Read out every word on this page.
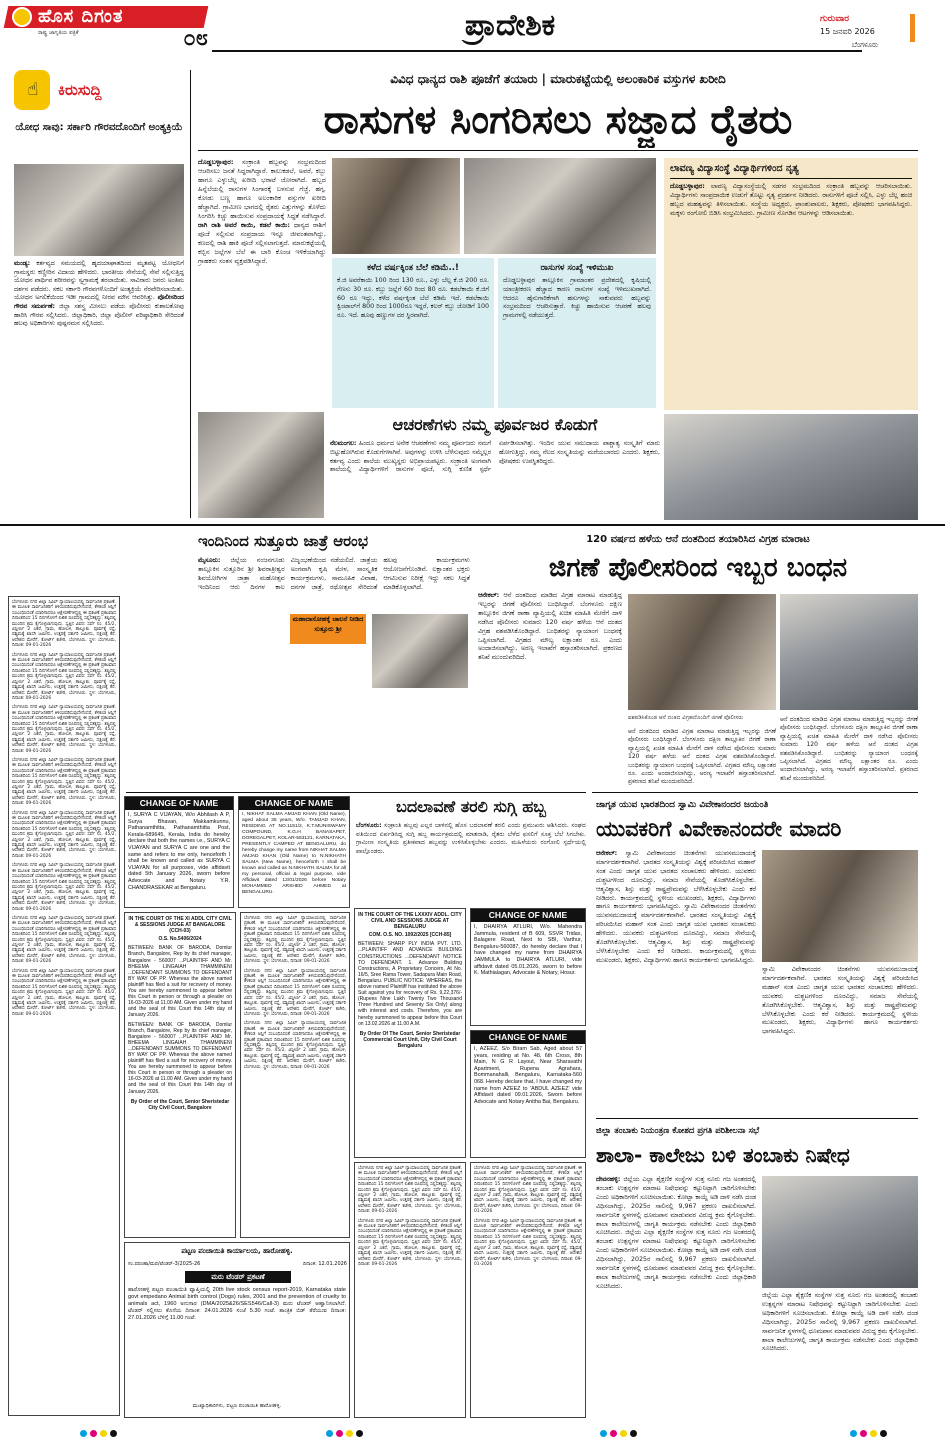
ಹೊಸ ದಿಗಂತ
ರಾಷ್ಟ್ರ ಜಾಗೃತಿಯ ಪತ್ರಿಕೆ	೦೮	ಪ್ರಾದೇಶಿಕ	ಗುರುವಾರ
15 ಜನವರಿ 2026
ಬೆಂಗಳೂರು
☝	ಕಿರುಸುದ್ದಿ
ಯೋಧ ಸಾವು: ಸರ್ಕಾರಿ ಗೌರವದೊಂದಿಗೆ ಅಂತ್ಯಕ್ರಿಯೆ
ಮಂಡ್ಯ: ಕರ್ತವ್ಯದ ಸಮಯದಲ್ಲಿ ಹೃದಯಾಘಾತದಿಂದ ಮೃತಪಟ್ಟ ಯೋಧನಿಗೆ ಗ್ರಾಮಸ್ಥರು ಕಣ್ಣೀರಿನ ವಿದಾಯ ಹೇಳಿದರು. ಭಾರತೀಯ ಸೇನೆಯಲ್ಲಿ ಸೇವೆ ಸಲ್ಲಿಸುತ್ತಿದ್ದ ಯೋಧನ ಪಾರ್ಥಿವ ಶರೀರವನ್ನು ಸ್ವಗ್ರಾಮಕ್ಕೆ ತರಲಾಯಿತು. ಸಾವಿರಾರು ಜನರು ಅಂತಿಮ ದರ್ಶನ ಪಡೆದರು. ಸಕಲ ಸರ್ಕಾರಿ ಗೌರವಗಳೊಂದಿಗೆ ಅಂತ್ಯಕ್ರಿಯೆ ನೆರವೇರಿಸಲಾಯಿತು. ಯೋಧನ ಅಗಲಿಕೆಯಿಂದ ಇಡೀ ಗ್ರಾಮದಲ್ಲಿ ನೀರವ ಮೌನ ಆವರಿಸಿತ್ತು. ಪೊಲೀಸರಿಂದ ಗೌರವ ಸಮರ್ಪಣೆ: ಜಿಲ್ಲಾ ಸಶಸ್ತ್ರ ಮೀಸಲು ಪಡೆಯ ಪೊಲೀಸರು ಕುಶಾಲತೋಪು ಹಾರಿಸಿ ಗೌರವ ಸಲ್ಲಿಸಿದರು. ಜಿಲ್ಲಾಧಿಕಾರಿ, ಜಿಲ್ಲಾ ಪೊಲೀಸ್ ವರಿಷ್ಠಾಧಿಕಾರಿ ಸೇರಿದಂತೆ ಹಲವು ಅಧಿಕಾರಿಗಳು ಪುಷ್ಪನಮನ ಸಲ್ಲಿಸಿದರು.
ವಿವಿಧ ಧಾನ್ಯದ ರಾಶಿ ಪೂಜೆಗೆ ತಯಾರು | ಮಾರುಕಟ್ಟೆಯಲ್ಲಿ ಅಲಂಕಾರಿಕ ವಸ್ತುಗಳ ಖರೀದಿ
ರಾಸುಗಳ ಸಿಂಗರಿಸಲು ಸಜ್ಜಾದ ರೈತರು
ದೊಡ್ಡಬಳ್ಳಾಪುರ: ಸಂಕ್ರಾಂತಿ ಹಬ್ಬವನ್ನು ಸಂಭ್ರಮದಿಂದ ಆಚರಿಸಲು ಜನತೆ ಸಿದ್ದರಾಗಿದ್ದಾರೆ. ಕಾಲುಕಡಲೆ, ಅವರೆ, ಕಬ್ಬು ಹಾಗೂ ಎಳ್ಳುಬೆಲ್ಲ ಖರೀದಿ ಭರಾಟೆ ಜೋರಾಗಿದೆ. ಹಬ್ಬದ ಹಿನ್ನೆಲೆಯಲ್ಲಿ ರಾಸುಗಳ ಸಿಂಗಾರಕ್ಕೆ ಬಳಸುವ ಗೆಜ್ಜೆ, ಹಗ್ಗ, ಕೋಡು ಬಣ್ಣ ಹಾಗೂ ಅಲಂಕಾರಿಕ ವಸ್ತುಗಳ ಖರೀದಿ ಹೆಚ್ಚಾಗಿದೆ. ಗ್ರಾಮೀಣ ಭಾಗದಲ್ಲಿ ರೈತರು ಎತ್ತುಗಳನ್ನು ತೊಳೆದು ಸಿಂಗರಿಸಿ ಕಿಚ್ಚು ಹಾಯಿಸುವ ಸಂಪ್ರದಾಯಕ್ಕೆ ಸಿದ್ಧತೆ ನಡೆಸಿದ್ದಾರೆ. ರಾಗಿ ರಾಶಿ ಅವರೆ ಕಾಯಿ, ಕಡಲೆ ಕಾಯಿ: ಧಾನ್ಯದ ರಾಶಿಗೆ ಪೂಜೆ ಸಲ್ಲಿಸುವ ಸಂಪ್ರದಾಯ ಇನ್ನೂ ಜೀವಂತವಾಗಿದ್ದು, ಕಣದಲ್ಲಿ ರಾಶಿ ಹಾಕಿ ಪೂಜೆ ಸಲ್ಲಿಸಲಾಗುತ್ತದೆ. ಮಾರುಕಟ್ಟೆಯಲ್ಲಿ ಕಬ್ಬಿನ ಜಲ್ಲೆಗಳ ಬೆಲೆ ಈ ಬಾರಿ ಕೊಂಚ ಇಳಿಕೆಯಾಗಿದ್ದು ಗ್ರಾಹಕರು ಸಂತಸ ವ್ಯಕ್ತಪಡಿಸಿದ್ದಾರೆ.
ಕಳೆದ ವರ್ಷಕ್ಕಿಂತ ಬೆಲೆ ಕಡಿಮೆ..!
ಕೆ.ಜಿ ಅವರೆಕಾಯಿ 100 ರಿಂದ 130 ರೂ., ಎಳ್ಳು ಬೆಲ್ಲ ಕೆ.ಜಿ 200 ರೂ. ಗೆಣಸು 30 ರೂ. ಕಬ್ಬು ಜಲ್ಲೆಗೆ 60 ರಿಂದ 80 ರೂ. ಕಡಲೆಕಾಯಿ ಕೆ.ಜಿಗೆ 60 ರೂ ಇದ್ದು, ಕಳೆದ ವರ್ಷಕ್ಕಿಂತ ಬೆಲೆ ಕಡಿಮೆ ಇದೆ. ಕಡಲೆಕಾಯಿ ಕ್ವಿಂಟಾಲ್‌ಗೆ 800 ರಿಂದ 1000ರೂ ಇದ್ದರೆ, ಕಲರ್ ಕಬ್ಬು ಜೋಡಿಗೆ 100 ರೂ. ಇದೆ. ಹೂವು ಹಣ್ಣುಗಳ ದರ ಸ್ಥಿರವಾಗಿದೆ.
ರಾಸುಗಳ ಸಂಖ್ಯೆ ಇಳಿಮುಖ
ದೊಡ್ಡಬಳ್ಳಾಪುರ ತಾಲ್ಲೂಕಿನ ಗ್ರಾಮಾಂತರ ಪ್ರದೇಶದಲ್ಲಿ ಕೃಷಿಯಲ್ಲಿ ಯಾಂತ್ರೀಕರಣ ಹೆಚ್ಚಾದ ಕಾರಣ ರಾಸುಗಳ ಸಂಖ್ಯೆ ಇಳಿಮುಖವಾಗಿದೆ. ಆದರೂ ಹೈನುಗಾರಿಕೆಗಾಗಿ ಹಸುಗಳನ್ನು ಸಾಕುವವರು ಹಬ್ಬವನ್ನು ಸಂಭ್ರಮದಿಂದ ಆಚರಿಸುತ್ತಾರೆ. ಕಿಚ್ಚು ಹಾಯಿಸುವ ಆಚರಣೆ ಹಲವು ಗ್ರಾಮಗಳಲ್ಲಿ ನಡೆಯುತ್ತದೆ.
ಲಾವಣ್ಯ ವಿದ್ಯಾಸಂಸ್ಥೆ ವಿದ್ಯಾರ್ಥಿಗಳಿಂದ ನೃತ್ಯ
ದೊಡ್ಡಬಳ್ಳಾಪುರ: ಲಾವಣ್ಯ ವಿದ್ಯಾಸಂಸ್ಥೆಯಲ್ಲಿ ಸಡಗರ ಸಂಭ್ರಮದಿಂದ ಸಂಕ್ರಾಂತಿ ಹಬ್ಬವನ್ನು ಆಚರಿಸಲಾಯಿತು. ವಿದ್ಯಾರ್ಥಿಗಳು ಸಾಂಪ್ರದಾಯಿಕ ಉಡುಗೆ ತೊಟ್ಟು ನೃತ್ಯ ಪ್ರದರ್ಶನ ನೀಡಿದರು. ರಾಸುಗಳಿಗೆ ಪೂಜೆ ಸಲ್ಲಿಸಿ, ಎಳ್ಳು ಬೆಲ್ಲ ಹಂಚಿ ಹಬ್ಬದ ಮಹತ್ವವನ್ನು ತಿಳಿಸಲಾಯಿತು. ಸಂಸ್ಥೆಯ ಅಧ್ಯಕ್ಷರು, ಪ್ರಾಂಶುಪಾಲರು, ಶಿಕ್ಷಕರು, ಪೋಷಕರು ಭಾಗವಹಿಸಿದ್ದರು. ಮಕ್ಕಳು ರಂಗೋಲಿ ಬಿಡಿಸಿ ಸಂಭ್ರಮಿಸಿದರು. ಗ್ರಾಮೀಣ ಸೊಗಡಿನ ಆಟಗಳನ್ನು ಆಡಿಸಲಾಯಿತು.
ಆಚರಣೆಗಳು ನಮ್ಮ ಪೂರ್ವಜರ ಕೊಡುಗೆ
ನೆಲಮಂಗಲ: ಹಿಂದೂ ಧರ್ಮದ ಅನೇಕ ಆಚರಣೆಗಳು ನಮ್ಮ ಪೂರ್ವಜರು ನಮಗೆ ಬಿಟ್ಟುಹೋಗಿರುವ ಕೊಡುಗೆಗಳಾಗಿವೆ. ಅವುಗಳನ್ನು ಉಳಿಸಿ ಬೆಳೆಸುವುದು ನಮ್ಮೆಲ್ಲರ ಕರ್ತವ್ಯ ಎಂದು ಶಾಲೆಯ ಮುಖ್ಯಸ್ಥರು ಅಭಿಪ್ರಾಯಪಟ್ಟರು. ಸಂಕ್ರಾಂತಿ ಅಂಗವಾಗಿ ಶಾಲೆಯಲ್ಲಿ ವಿದ್ಯಾರ್ಥಿಗಳಿಗೆ ರಾಸುಗಳ ಪೂಜೆ, ಸುಗ್ಗಿ ಕುಣಿತ ಸ್ಪರ್ಧೆ ಏರ್ಪಡಿಸಲಾಗಿತ್ತು. ಇಂದಿನ ಯುವ ಸಮುದಾಯ ಪಾಶ್ಚಾತ್ಯ ಸಂಸ್ಕೃತಿಗೆ ಮಾರು ಹೋಗುತ್ತಿದ್ದು, ನಮ್ಮ ನೆಲದ ಸಂಸ್ಕೃತಿಯನ್ನು ಮರೆಯಬಾರದು ಎಂದರು. ಶಿಕ್ಷಕರು, ಪೋಷಕರು ಉಪಸ್ಥಿತರಿದ್ದರು.
ಬೆಂಗಳೂರು ನಗರ ಜಿಲ್ಲಾ ಸಿವಿಲ್ ನ್ಯಾಯಾಲಯದಲ್ಲಿ ಸಾರ್ವಜನಿಕ ಪ್ರಕಟಣೆ. ಈ ಮೂಲಕ ಸಾರ್ವಜನಿಕರಿಗೆ ತಿಳಿಯಪಡಿಸುವುದೇನೆಂದರೆ, ಕೆಳಕಂಡ ಆಸ್ತಿಗೆ ಸಂಬಂಧಿಸಿದಂತೆ ಯಾರಿಗಾದರೂ ಆಕ್ಷೇಪಣೆಗಳಿದ್ದಲ್ಲಿ ಈ ಪ್ರಕಟಣೆ ಪ್ರಕಟವಾದ ದಿನಾಂಕದಿಂದ 15 ದಿನಗಳೊಳಗೆ ಲಿಖಿತ ರೂಪದಲ್ಲಿ ಸಲ್ಲಿಸತಕ್ಕದ್ದು. ತಪ್ಪಿದಲ್ಲಿ ಮುಂದಿನ ಕ್ರಮ ಕೈಗೊಳ್ಳಲಾಗುವುದು. ಸ್ವತ್ತಿನ ವಿವರ: ಸರ್ವೆ ನಂ. 45/2, ವಿಸ್ತೀರ್ಣ 2 ಎಕರೆ, ಗ್ರಾಮ, ಹೋಬಳಿ, ತಾಲ್ಲೂಕು. ಪೂರ್ವಕ್ಕೆ ರಸ್ತೆ, ಪಶ್ಚಿಮಕ್ಕೆ ಖಾಸಗಿ ಜಮೀನು, ಉತ್ತರಕ್ಕೆ ಸರ್ಕಾರಿ ಜಮೀನು, ದಕ್ಷಿಣಕ್ಕೆ ಕೆರೆ. ಆದೇಶದ ಮೇರೆಗೆ, ಕೋರ್ಟ್ ಕಚೇರಿ, ಬೆಂಗಳೂರು. ಸ್ಥಳ: ಬೆಂಗಳೂರು, ದಿನಾಂಕ: 09-01-2026
ಬೆಂಗಳೂರು ನಗರ ಜಿಲ್ಲಾ ಸಿವಿಲ್ ನ್ಯಾಯಾಲಯದಲ್ಲಿ ಸಾರ್ವಜನಿಕ ಪ್ರಕಟಣೆ. ಈ ಮೂಲಕ ಸಾರ್ವಜನಿಕರಿಗೆ ತಿಳಿಯಪಡಿಸುವುದೇನೆಂದರೆ, ಕೆಳಕಂಡ ಆಸ್ತಿಗೆ ಸಂಬಂಧಿಸಿದಂತೆ ಯಾರಿಗಾದರೂ ಆಕ್ಷೇಪಣೆಗಳಿದ್ದಲ್ಲಿ ಈ ಪ್ರಕಟಣೆ ಪ್ರಕಟವಾದ ದಿನಾಂಕದಿಂದ 15 ದಿನಗಳೊಳಗೆ ಲಿಖಿತ ರೂಪದಲ್ಲಿ ಸಲ್ಲಿಸತಕ್ಕದ್ದು. ತಪ್ಪಿದಲ್ಲಿ ಮುಂದಿನ ಕ್ರಮ ಕೈಗೊಳ್ಳಲಾಗುವುದು. ಸ್ವತ್ತಿನ ವಿವರ: ಸರ್ವೆ ನಂ. 45/2, ವಿಸ್ತೀರ್ಣ 2 ಎಕರೆ, ಗ್ರಾಮ, ಹೋಬಳಿ, ತಾಲ್ಲೂಕು. ಪೂರ್ವಕ್ಕೆ ರಸ್ತೆ, ಪಶ್ಚಿಮಕ್ಕೆ ಖಾಸಗಿ ಜಮೀನು, ಉತ್ತರಕ್ಕೆ ಸರ್ಕಾರಿ ಜಮೀನು, ದಕ್ಷಿಣಕ್ಕೆ ಕೆರೆ. ಆದೇಶದ ಮೇರೆಗೆ, ಕೋರ್ಟ್ ಕಚೇರಿ, ಬೆಂಗಳೂರು. ಸ್ಥಳ: ಬೆಂಗಳೂರು, ದಿನಾಂಕ: 09-01-2026
ಬೆಂಗಳೂರು ನಗರ ಜಿಲ್ಲಾ ಸಿವಿಲ್ ನ್ಯಾಯಾಲಯದಲ್ಲಿ ಸಾರ್ವಜನಿಕ ಪ್ರಕಟಣೆ. ಈ ಮೂಲಕ ಸಾರ್ವಜನಿಕರಿಗೆ ತಿಳಿಯಪಡಿಸುವುದೇನೆಂದರೆ, ಕೆಳಕಂಡ ಆಸ್ತಿಗೆ ಸಂಬಂಧಿಸಿದಂತೆ ಯಾರಿಗಾದರೂ ಆಕ್ಷೇಪಣೆಗಳಿದ್ದಲ್ಲಿ ಈ ಪ್ರಕಟಣೆ ಪ್ರಕಟವಾದ ದಿನಾಂಕದಿಂದ 15 ದಿನಗಳೊಳಗೆ ಲಿಖಿತ ರೂಪದಲ್ಲಿ ಸಲ್ಲಿಸತಕ್ಕದ್ದು. ತಪ್ಪಿದಲ್ಲಿ ಮುಂದಿನ ಕ್ರಮ ಕೈಗೊಳ್ಳಲಾಗುವುದು. ಸ್ವತ್ತಿನ ವಿವರ: ಸರ್ವೆ ನಂ. 45/2, ವಿಸ್ತೀರ್ಣ 2 ಎಕರೆ, ಗ್ರಾಮ, ಹೋಬಳಿ, ತಾಲ್ಲೂಕು. ಪೂರ್ವಕ್ಕೆ ರಸ್ತೆ, ಪಶ್ಚಿಮಕ್ಕೆ ಖಾಸಗಿ ಜಮೀನು, ಉತ್ತರಕ್ಕೆ ಸರ್ಕಾರಿ ಜಮೀನು, ದಕ್ಷಿಣಕ್ಕೆ ಕೆರೆ. ಆದೇಶದ ಮೇರೆಗೆ, ಕೋರ್ಟ್ ಕಚೇರಿ, ಬೆಂಗಳೂರು. ಸ್ಥಳ: ಬೆಂಗಳೂರು, ದಿನಾಂಕ: 09-01-2026
ಬೆಂಗಳೂರು ನಗರ ಜಿಲ್ಲಾ ಸಿವಿಲ್ ನ್ಯಾಯಾಲಯದಲ್ಲಿ ಸಾರ್ವಜನಿಕ ಪ್ರಕಟಣೆ. ಈ ಮೂಲಕ ಸಾರ್ವಜನಿಕರಿಗೆ ತಿಳಿಯಪಡಿಸುವುದೇನೆಂದರೆ, ಕೆಳಕಂಡ ಆಸ್ತಿಗೆ ಸಂಬಂಧಿಸಿದಂತೆ ಯಾರಿಗಾದರೂ ಆಕ್ಷೇಪಣೆಗಳಿದ್ದಲ್ಲಿ ಈ ಪ್ರಕಟಣೆ ಪ್ರಕಟವಾದ ದಿನಾಂಕದಿಂದ 15 ದಿನಗಳೊಳಗೆ ಲಿಖಿತ ರೂಪದಲ್ಲಿ ಸಲ್ಲಿಸತಕ್ಕದ್ದು. ತಪ್ಪಿದಲ್ಲಿ ಮುಂದಿನ ಕ್ರಮ ಕೈಗೊಳ್ಳಲಾಗುವುದು. ಸ್ವತ್ತಿನ ವಿವರ: ಸರ್ವೆ ನಂ. 45/2, ವಿಸ್ತೀರ್ಣ 2 ಎಕರೆ, ಗ್ರಾಮ, ಹೋಬಳಿ, ತಾಲ್ಲೂಕು. ಪೂರ್ವಕ್ಕೆ ರಸ್ತೆ, ಪಶ್ಚಿಮಕ್ಕೆ ಖಾಸಗಿ ಜಮೀನು, ಉತ್ತರಕ್ಕೆ ಸರ್ಕಾರಿ ಜಮೀನು, ದಕ್ಷಿಣಕ್ಕೆ ಕೆರೆ. ಆದೇಶದ ಮೇರೆಗೆ, ಕೋರ್ಟ್ ಕಚೇರಿ, ಬೆಂಗಳೂರು. ಸ್ಥಳ: ಬೆಂಗಳೂರು, ದಿನಾಂಕ: 09-01-2026
ಬೆಂಗಳೂರು ನಗರ ಜಿಲ್ಲಾ ಸಿವಿಲ್ ನ್ಯಾಯಾಲಯದಲ್ಲಿ ಸಾರ್ವಜನಿಕ ಪ್ರಕಟಣೆ. ಈ ಮೂಲಕ ಸಾರ್ವಜನಿಕರಿಗೆ ತಿಳಿಯಪಡಿಸುವುದೇನೆಂದರೆ, ಕೆಳಕಂಡ ಆಸ್ತಿಗೆ ಸಂಬಂಧಿಸಿದಂತೆ ಯಾರಿಗಾದರೂ ಆಕ್ಷೇಪಣೆಗಳಿದ್ದಲ್ಲಿ ಈ ಪ್ರಕಟಣೆ ಪ್ರಕಟವಾದ ದಿನಾಂಕದಿಂದ 15 ದಿನಗಳೊಳಗೆ ಲಿಖಿತ ರೂಪದಲ್ಲಿ ಸಲ್ಲಿಸತಕ್ಕದ್ದು. ತಪ್ಪಿದಲ್ಲಿ ಮುಂದಿನ ಕ್ರಮ ಕೈಗೊಳ್ಳಲಾಗುವುದು. ಸ್ವತ್ತಿನ ವಿವರ: ಸರ್ವೆ ನಂ. 45/2, ವಿಸ್ತೀರ್ಣ 2 ಎಕರೆ, ಗ್ರಾಮ, ಹೋಬಳಿ, ತಾಲ್ಲೂಕು. ಪೂರ್ವಕ್ಕೆ ರಸ್ತೆ, ಪಶ್ಚಿಮಕ್ಕೆ ಖಾಸಗಿ ಜಮೀನು, ಉತ್ತರಕ್ಕೆ ಸರ್ಕಾರಿ ಜಮೀನು, ದಕ್ಷಿಣಕ್ಕೆ ಕೆರೆ. ಆದೇಶದ ಮೇರೆಗೆ, ಕೋರ್ಟ್ ಕಚೇರಿ, ಬೆಂಗಳೂರು. ಸ್ಥಳ: ಬೆಂಗಳೂರು, ದಿನಾಂಕ: 09-01-2026
ಬೆಂಗಳೂರು ನಗರ ಜಿಲ್ಲಾ ಸಿವಿಲ್ ನ್ಯಾಯಾಲಯದಲ್ಲಿ ಸಾರ್ವಜನಿಕ ಪ್ರಕಟಣೆ. ಈ ಮೂಲಕ ಸಾರ್ವಜನಿಕರಿಗೆ ತಿಳಿಯಪಡಿಸುವುದೇನೆಂದರೆ, ಕೆಳಕಂಡ ಆಸ್ತಿಗೆ ಸಂಬಂಧಿಸಿದಂತೆ ಯಾರಿಗಾದರೂ ಆಕ್ಷೇಪಣೆಗಳಿದ್ದಲ್ಲಿ ಈ ಪ್ರಕಟಣೆ ಪ್ರಕಟವಾದ ದಿನಾಂಕದಿಂದ 15 ದಿನಗಳೊಳಗೆ ಲಿಖಿತ ರೂಪದಲ್ಲಿ ಸಲ್ಲಿಸತಕ್ಕದ್ದು. ತಪ್ಪಿದಲ್ಲಿ ಮುಂದಿನ ಕ್ರಮ ಕೈಗೊಳ್ಳಲಾಗುವುದು. ಸ್ವತ್ತಿನ ವಿವರ: ಸರ್ವೆ ನಂ. 45/2, ವಿಸ್ತೀರ್ಣ 2 ಎಕರೆ, ಗ್ರಾಮ, ಹೋಬಳಿ, ತಾಲ್ಲೂಕು. ಪೂರ್ವಕ್ಕೆ ರಸ್ತೆ, ಪಶ್ಚಿಮಕ್ಕೆ ಖಾಸಗಿ ಜಮೀನು, ಉತ್ತರಕ್ಕೆ ಸರ್ಕಾರಿ ಜಮೀನು, ದಕ್ಷಿಣಕ್ಕೆ ಕೆರೆ. ಆದೇಶದ ಮೇರೆಗೆ, ಕೋರ್ಟ್ ಕಚೇರಿ, ಬೆಂಗಳೂರು. ಸ್ಥಳ: ಬೆಂಗಳೂರು, ದಿನಾಂಕ: 09-01-2026
ಬೆಂಗಳೂರು ನಗರ ಜಿಲ್ಲಾ ಸಿವಿಲ್ ನ್ಯಾಯಾಲಯದಲ್ಲಿ ಸಾರ್ವಜನಿಕ ಪ್ರಕಟಣೆ. ಈ ಮೂಲಕ ಸಾರ್ವಜನಿಕರಿಗೆ ತಿಳಿಯಪಡಿಸುವುದೇನೆಂದರೆ, ಕೆಳಕಂಡ ಆಸ್ತಿಗೆ ಸಂಬಂಧಿಸಿದಂತೆ ಯಾರಿಗಾದರೂ ಆಕ್ಷೇಪಣೆಗಳಿದ್ದಲ್ಲಿ ಈ ಪ್ರಕಟಣೆ ಪ್ರಕಟವಾದ ದಿನಾಂಕದಿಂದ 15 ದಿನಗಳೊಳಗೆ ಲಿಖಿತ ರೂಪದಲ್ಲಿ ಸಲ್ಲಿಸತಕ್ಕದ್ದು. ತಪ್ಪಿದಲ್ಲಿ ಮುಂದಿನ ಕ್ರಮ ಕೈಗೊಳ್ಳಲಾಗುವುದು. ಸ್ವತ್ತಿನ ವಿವರ: ಸರ್ವೆ ನಂ. 45/2, ವಿಸ್ತೀರ್ಣ 2 ಎಕರೆ, ಗ್ರಾಮ, ಹೋಬಳಿ, ತಾಲ್ಲೂಕು. ಪೂರ್ವಕ್ಕೆ ರಸ್ತೆ, ಪಶ್ಚಿಮಕ್ಕೆ ಖಾಸಗಿ ಜಮೀನು, ಉತ್ತರಕ್ಕೆ ಸರ್ಕಾರಿ ಜಮೀನು, ದಕ್ಷಿಣಕ್ಕೆ ಕೆರೆ. ಆದೇಶದ ಮೇರೆಗೆ, ಕೋರ್ಟ್ ಕಚೇರಿ, ಬೆಂಗಳೂರು. ಸ್ಥಳ: ಬೆಂಗಳೂರು, ದಿನಾಂಕ: 09-01-2026
ಬೆಂಗಳೂರು ನಗರ ಜಿಲ್ಲಾ ಸಿವಿಲ್ ನ್ಯಾಯಾಲಯದಲ್ಲಿ ಸಾರ್ವಜನಿಕ ಪ್ರಕಟಣೆ. ಈ ಮೂಲಕ ಸಾರ್ವಜನಿಕರಿಗೆ ತಿಳಿಯಪಡಿಸುವುದೇನೆಂದರೆ, ಕೆಳಕಂಡ ಆಸ್ತಿಗೆ ಸಂಬಂಧಿಸಿದಂತೆ ಯಾರಿಗಾದರೂ ಆಕ್ಷೇಪಣೆಗಳಿದ್ದಲ್ಲಿ ಈ ಪ್ರಕಟಣೆ ಪ್ರಕಟವಾದ ದಿನಾಂಕದಿಂದ 15 ದಿನಗಳೊಳಗೆ ಲಿಖಿತ ರೂಪದಲ್ಲಿ ಸಲ್ಲಿಸತಕ್ಕದ್ದು. ತಪ್ಪಿದಲ್ಲಿ ಮುಂದಿನ ಕ್ರಮ ಕೈಗೊಳ್ಳಲಾಗುವುದು. ಸ್ವತ್ತಿನ ವಿವರ: ಸರ್ವೆ ನಂ. 45/2, ವಿಸ್ತೀರ್ಣ 2 ಎಕರೆ, ಗ್ರಾಮ, ಹೋಬಳಿ, ತಾಲ್ಲೂಕು. ಪೂರ್ವಕ್ಕೆ ರಸ್ತೆ, ಪಶ್ಚಿಮಕ್ಕೆ ಖಾಸಗಿ ಜಮೀನು, ಉತ್ತರಕ್ಕೆ ಸರ್ಕಾರಿ ಜಮೀನು, ದಕ್ಷಿಣಕ್ಕೆ ಕೆರೆ. ಆದೇಶದ ಮೇರೆಗೆ, ಕೋರ್ಟ್ ಕಚೇರಿ, ಬೆಂಗಳೂರು. ಸ್ಥಳ: ಬೆಂಗಳೂರು, ದಿನಾಂಕ: 09-01-2026
ಇಂದಿನಿಂದ ಸುತ್ತೂರು ಜಾತ್ರೆ ಆರಂಭ
ಮೈಸೂರು: ಜಿಲ್ಲೆಯ ನಂಜನಗೂಡು ತಾಲ್ಲೂಕಿನ ಸುತ್ತೂರಿನ ಶ್ರೀ ಶಿವರಾತ್ರೀಶ್ವರ ಶಿವಯೋಗಿಗಳ ಜಾತ್ರಾ ಮಹೋತ್ಸವ ಇಂದಿನಿಂದ ಆರು ದಿನಗಳ ಕಾಲ ವಿಜೃಂಭಣೆಯಿಂದ ನಡೆಯಲಿದೆ. ಜಾತ್ರೆಯ ಅಂಗವಾಗಿ ಕೃಷಿ ಮೇಳ, ಸಾಂಸ್ಕೃತಿಕ ಕಾರ್ಯಕ್ರಮಗಳು, ಸಾಮೂಹಿಕ ವಿವಾಹ, ದನಗಳ ಜಾತ್ರೆ, ರಥೋತ್ಸವ ಸೇರಿದಂತೆ ಹಲವು ಕಾರ್ಯಕ್ರಮಗಳು ಆಯೋಜನೆಗೊಂಡಿವೆ. ಲಕ್ಷಾಂತರ ಭಕ್ತರು ಆಗಮಿಸುವ ನಿರೀಕ್ಷೆ ಇದ್ದು ಸಕಲ ಸಿದ್ಧತೆ ಮಾಡಿಕೊಳ್ಳಲಾಗಿದೆ.
ಮಹಾದಾಸೋಹಕ್ಕೆ ಚಾಲನೆ ನೀಡಿದ ಸುತ್ತೂರು ಶ್ರೀ
120 ವರ್ಷದ ಹಳೆಯ ಆನೆ ದಂತದಿಂದ ತಯಾರಿಸಿದ ವಿಗ್ರಹ ಮಾರಾಟ
ಜಿಗಣೆ ಪೊಲೀಸರಿಂದ ಇಬ್ಬರ ಬಂಧನ
ಆನೇಕಲ್: ಆನೆ ದಂತದಿಂದ ಮಾಡಿದ ವಿಗ್ರಹ ಮಾರಾಟ ಮಾಡುತ್ತಿದ್ದ ಇಬ್ಬರನ್ನು ಜಿಗಣೆ ಪೊಲೀಸರು ಬಂಧಿಸಿದ್ದಾರೆ. ಬೆಂಗಳೂರು ದಕ್ಷಿಣ ತಾಲ್ಲೂಕಿನ ಜಿಗಣೆ ಠಾಣಾ ವ್ಯಾಪ್ತಿಯಲ್ಲಿ ಖಚಿತ ಮಾಹಿತಿ ಮೇರೆಗೆ ದಾಳಿ ನಡೆಸಿದ ಪೊಲೀಸರು ಸುಮಾರು 120 ವರ್ಷ ಹಳೆಯ ಆನೆ ದಂತದ ವಿಗ್ರಹ ವಶಪಡಿಸಿಕೊಂಡಿದ್ದಾರೆ. ಬಂಧಿತರನ್ನು ನ್ಯಾಯಾಂಗ ಬಂಧನಕ್ಕೆ ಒಪ್ಪಿಸಲಾಗಿದೆ. ವಿಗ್ರಹದ ಮೌಲ್ಯ ಲಕ್ಷಾಂತರ ರೂ. ಎಂದು ಅಂದಾಜಿಸಲಾಗಿದ್ದು, ಅರಣ್ಯ ಇಲಾಖೆಗೆ ಹಸ್ತಾಂತರಿಸಲಾಗಿದೆ. ಪ್ರಕರಣದ ತನಿಖೆ ಮುಂದುವರಿದಿದೆ.
ವಶಪಡಿಸಿಕೊಂಡ ಆನೆ ದಂತದ ವಿಗ್ರಹದೊಂದಿಗೆ ಜಿಗಣೆ ಪೊಲೀಸರು	ಆನೆ ದಂತದಿಂದ ಮಾಡಿದ ವಿಗ್ರಹ ಮಾರಾಟ ಮಾಡುತ್ತಿದ್ದ ಇಬ್ಬರನ್ನು ಜಿಗಣೆ ಪೊಲೀಸರು ಬಂಧಿಸಿದ್ದಾರೆ. ಬೆಂಗಳೂರು ದಕ್ಷಿಣ ತಾಲ್ಲೂಕಿನ ಜಿಗಣೆ ಠಾಣಾ ವ್ಯಾಪ್ತಿಯಲ್ಲಿ ಖಚಿತ ಮಾಹಿತಿ ಮೇರೆಗೆ ದಾಳಿ ನಡೆಸಿದ ಪೊಲೀಸರು ಸುಮಾರು 120 ವರ್ಷ ಹಳೆಯ ಆನೆ ದಂತದ ವಿಗ್ರಹ ವಶಪಡಿಸಿಕೊಂಡಿದ್ದಾರೆ. ಬಂಧಿತರನ್ನು ನ್ಯಾಯಾಂಗ ಬಂಧನಕ್ಕೆ ಒಪ್ಪಿಸಲಾಗಿದೆ. ವಿಗ್ರಹದ ಮೌಲ್ಯ ಲಕ್ಷಾಂತರ ರೂ. ಎಂದು ಅಂದಾಜಿಸಲಾಗಿದ್ದು, ಅರಣ್ಯ ಇಲಾಖೆಗೆ ಹಸ್ತಾಂತರಿಸಲಾಗಿದೆ. ಪ್ರಕರಣದ ತನಿಖೆ ಮುಂದುವರಿದಿದೆ.
ಆನೆ ದಂತದಿಂದ ಮಾಡಿದ ವಿಗ್ರಹ ಮಾರಾಟ ಮಾಡುತ್ತಿದ್ದ ಇಬ್ಬರನ್ನು ಜಿಗಣೆ ಪೊಲೀಸರು ಬಂಧಿಸಿದ್ದಾರೆ. ಬೆಂಗಳೂರು ದಕ್ಷಿಣ ತಾಲ್ಲೂಕಿನ ಜಿಗಣೆ ಠಾಣಾ ವ್ಯಾಪ್ತಿಯಲ್ಲಿ ಖಚಿತ ಮಾಹಿತಿ ಮೇರೆಗೆ ದಾಳಿ ನಡೆಸಿದ ಪೊಲೀಸರು ಸುಮಾರು 120 ವರ್ಷ ಹಳೆಯ ಆನೆ ದಂತದ ವಿಗ್ರಹ ವಶಪಡಿಸಿಕೊಂಡಿದ್ದಾರೆ. ಬಂಧಿತರನ್ನು ನ್ಯಾಯಾಂಗ ಬಂಧನಕ್ಕೆ ಒಪ್ಪಿಸಲಾಗಿದೆ. ವಿಗ್ರಹದ ಮೌಲ್ಯ ಲಕ್ಷಾಂತರ ರೂ. ಎಂದು ಅಂದಾಜಿಸಲಾಗಿದ್ದು, ಅರಣ್ಯ ಇಲಾಖೆಗೆ ಹಸ್ತಾಂತರಿಸಲಾಗಿದೆ. ಪ್ರಕರಣದ ತನಿಖೆ ಮುಂದುವರಿದಿದೆ.
CHANGE OF NAME
I, SURYA C VIJAYAN, W/o Abhilash A P, Surya Bhavan, Makkamkunnu, Pathanamthitta, Pathanamthitta Post, Kerala-689645, Kerala, India do hereby declare that both the names i.e., SURYA C VIJAYAN and SURYA C are one and the same and refers to me only, henceforth I shall be known and called as SURYA C VIJAYAN for all purposes, vide affidavit dated 5th January 2026, sworn before Advocate and Notary Y.R. CHANDRASEKAR at Bengaluru.
CHANGE OF NAME
I, NIKHAT SALMA AMJAD KHAN (Old Name), aged about 35 years, W/o. TAMJAD KHAN, RESIDING AT NO.1151/2, K.T.MUNISWAMY COMPOUND, K.G.H BANASAPET, DOREGALPET, KOLAR-563121, KARNATAKA, PRESENTLY CAMPED AT BENGALURU, do hereby change my name from NIKHAT SALMA AMJAD KHAN (Old Name) to N.NIKHATH SALMA (New Name), henceforth I shall be known and called as N.NIKHATH SALMA for all my personal, official & legal purpose, vide Affidavit dated 12/01/2026 before Notary MOHAMMED ARSHED AHMED at BENGALURU.
IN THE COURT OF THE XI ADDL CITY CIVIL & SESSIONS JUDGE AT BANGALORE (CCH-03)
O.S. No.5406/2024
BETWEEN: BANK OF BARODA, Domlur Branch, Bangalore, Rep by its chief manager, Bangalore - 560007 ...PLAINTIFF AND Mr. BHEEMA LINGAIAH THAMMINENI ...DEFENDANT SUMMONS TO DEFENDANT BY WAY OF PP. Whereas the above named plaintiff has filed a suit for recovery of money. You are hereby summoned to appear before this Court in person or through a pleader on 16-03-2026 at 11.00 AM. Given under my hand and the seal of this Court this 14th day of January 2026.
BETWEEN: BANK OF BARODA, Domlur Branch, Bangalore, Rep by its chief manager, Bangalore - 560007 ...PLAINTIFF AND Mr. BHEEMA LINGAIAH THAMMINENI ...DEFENDANT SUMMONS TO DEFENDANT BY WAY OF PP. Whereas the above named plaintiff has filed a suit for recovery of money. You are hereby summoned to appear before this Court in person or through a pleader on 16-03-2026 at 11.00 AM. Given under my hand and the seal of this Court this 14th day of January 2026.
By Order of the Court, Senior Sheristedar City Civil Court, Bangalore
ಬೆಂಗಳೂರು ನಗರ ಜಿಲ್ಲಾ ಸಿವಿಲ್ ನ್ಯಾಯಾಲಯದಲ್ಲಿ ಸಾರ್ವಜನಿಕ ಪ್ರಕಟಣೆ. ಈ ಮೂಲಕ ಸಾರ್ವಜನಿಕರಿಗೆ ತಿಳಿಯಪಡಿಸುವುದೇನೆಂದರೆ, ಕೆಳಕಂಡ ಆಸ್ತಿಗೆ ಸಂಬಂಧಿಸಿದಂತೆ ಯಾರಿಗಾದರೂ ಆಕ್ಷೇಪಣೆಗಳಿದ್ದಲ್ಲಿ ಈ ಪ್ರಕಟಣೆ ಪ್ರಕಟವಾದ ದಿನಾಂಕದಿಂದ 15 ದಿನಗಳೊಳಗೆ ಲಿಖಿತ ರೂಪದಲ್ಲಿ ಸಲ್ಲಿಸತಕ್ಕದ್ದು. ತಪ್ಪಿದಲ್ಲಿ ಮುಂದಿನ ಕ್ರಮ ಕೈಗೊಳ್ಳಲಾಗುವುದು. ಸ್ವತ್ತಿನ ವಿವರ: ಸರ್ವೆ ನಂ. 45/2, ವಿಸ್ತೀರ್ಣ 2 ಎಕರೆ, ಗ್ರಾಮ, ಹೋಬಳಿ, ತಾಲ್ಲೂಕು. ಪೂರ್ವಕ್ಕೆ ರಸ್ತೆ, ಪಶ್ಚಿಮಕ್ಕೆ ಖಾಸಗಿ ಜಮೀನು, ಉತ್ತರಕ್ಕೆ ಸರ್ಕಾರಿ ಜಮೀನು, ದಕ್ಷಿಣಕ್ಕೆ ಕೆರೆ. ಆದೇಶದ ಮೇರೆಗೆ, ಕೋರ್ಟ್ ಕಚೇರಿ, ಬೆಂಗಳೂರು. ಸ್ಥಳ: ಬೆಂಗಳೂರು, ದಿನಾಂಕ: 09-01-2026
ಬೆಂಗಳೂರು ನಗರ ಜಿಲ್ಲಾ ಸಿವಿಲ್ ನ್ಯಾಯಾಲಯದಲ್ಲಿ ಸಾರ್ವಜನಿಕ ಪ್ರಕಟಣೆ. ಈ ಮೂಲಕ ಸಾರ್ವಜನಿಕರಿಗೆ ತಿಳಿಯಪಡಿಸುವುದೇನೆಂದರೆ, ಕೆಳಕಂಡ ಆಸ್ತಿಗೆ ಸಂಬಂಧಿಸಿದಂತೆ ಯಾರಿಗಾದರೂ ಆಕ್ಷೇಪಣೆಗಳಿದ್ದಲ್ಲಿ ಈ ಪ್ರಕಟಣೆ ಪ್ರಕಟವಾದ ದಿನಾಂಕದಿಂದ 15 ದಿನಗಳೊಳಗೆ ಲಿಖಿತ ರೂಪದಲ್ಲಿ ಸಲ್ಲಿಸತಕ್ಕದ್ದು. ತಪ್ಪಿದಲ್ಲಿ ಮುಂದಿನ ಕ್ರಮ ಕೈಗೊಳ್ಳಲಾಗುವುದು. ಸ್ವತ್ತಿನ ವಿವರ: ಸರ್ವೆ ನಂ. 45/2, ವಿಸ್ತೀರ್ಣ 2 ಎಕರೆ, ಗ್ರಾಮ, ಹೋಬಳಿ, ತಾಲ್ಲೂಕು. ಪೂರ್ವಕ್ಕೆ ರಸ್ತೆ, ಪಶ್ಚಿಮಕ್ಕೆ ಖಾಸಗಿ ಜಮೀನು, ಉತ್ತರಕ್ಕೆ ಸರ್ಕಾರಿ ಜಮೀನು, ದಕ್ಷಿಣಕ್ಕೆ ಕೆರೆ. ಆದೇಶದ ಮೇರೆಗೆ, ಕೋರ್ಟ್ ಕಚೇರಿ, ಬೆಂಗಳೂರು. ಸ್ಥಳ: ಬೆಂಗಳೂರು, ದಿನಾಂಕ: 09-01-2026
ಬೆಂಗಳೂರು ನಗರ ಜಿಲ್ಲಾ ಸಿವಿಲ್ ನ್ಯಾಯಾಲಯದಲ್ಲಿ ಸಾರ್ವಜನಿಕ ಪ್ರಕಟಣೆ. ಈ ಮೂಲಕ ಸಾರ್ವಜನಿಕರಿಗೆ ತಿಳಿಯಪಡಿಸುವುದೇನೆಂದರೆ, ಕೆಳಕಂಡ ಆಸ್ತಿಗೆ ಸಂಬಂಧಿಸಿದಂತೆ ಯಾರಿಗಾದರೂ ಆಕ್ಷೇಪಣೆಗಳಿದ್ದಲ್ಲಿ ಈ ಪ್ರಕಟಣೆ ಪ್ರಕಟವಾದ ದಿನಾಂಕದಿಂದ 15 ದಿನಗಳೊಳಗೆ ಲಿಖಿತ ರೂಪದಲ್ಲಿ ಸಲ್ಲಿಸತಕ್ಕದ್ದು. ತಪ್ಪಿದಲ್ಲಿ ಮುಂದಿನ ಕ್ರಮ ಕೈಗೊಳ್ಳಲಾಗುವುದು. ಸ್ವತ್ತಿನ ವಿವರ: ಸರ್ವೆ ನಂ. 45/2, ವಿಸ್ತೀರ್ಣ 2 ಎಕರೆ, ಗ್ರಾಮ, ಹೋಬಳಿ, ತಾಲ್ಲೂಕು. ಪೂರ್ವಕ್ಕೆ ರಸ್ತೆ, ಪಶ್ಚಿಮಕ್ಕೆ ಖಾಸಗಿ ಜಮೀನು, ಉತ್ತರಕ್ಕೆ ಸರ್ಕಾರಿ ಜಮೀನು, ದಕ್ಷಿಣಕ್ಕೆ ಕೆರೆ. ಆದೇಶದ ಮೇರೆಗೆ, ಕೋರ್ಟ್ ಕಚೇರಿ, ಬೆಂಗಳೂರು. ಸ್ಥಳ: ಬೆಂಗಳೂರು, ದಿನಾಂಕ: 09-01-2026
ಬದಲಾವಣೆ ತರಲಿ ಸುಗ್ಗಿ ಹಬ್ಬ
ಬೆಂಗಳೂರು: ಸಂಕ್ರಾಂತಿ ಹಬ್ಬವು ಎಲ್ಲರ ಬಾಳಿನಲ್ಲಿ ಹೊಸ ಬದಲಾವಣೆ ತರಲಿ ಎಂದು ಪ್ರಮುಖರು ಆಶಿಸಿದರು. ಸಂಘದ ವತಿಯಿಂದ ಏರ್ಪಡಿಸಿದ್ದ ಸುಗ್ಗಿ ಹಬ್ಬ ಕಾರ್ಯಕ್ರಮದಲ್ಲಿ ಮಾತನಾಡಿ, ರೈತರು ಬೆಳೆದ ಫಸಲಿಗೆ ಸೂಕ್ತ ಬೆಲೆ ಸಿಗಬೇಕು. ಗ್ರಾಮೀಣ ಸಂಸ್ಕೃತಿಯ ಪ್ರತೀಕವಾದ ಹಬ್ಬವನ್ನು ಉಳಿಸಿಕೊಳ್ಳಬೇಕು ಎಂದರು. ಮಹಿಳೆಯರು ರಂಗೋಲಿ ಸ್ಪರ್ಧೆಯಲ್ಲಿ ಪಾಲ್ಗೊಂಡರು.
IN THE COURT OF THE LXXXIV ADDL. CITY CIVIL AND SESSIONS JUDGE AT BENGALURU
COM. O.S. NO. 1092/2025 [CCH-85]
BETWEEN: SHARP PLY INDIA PVT. LTD. ...PLAINTIFF AND ADVANCE BUILDING CONSTRUCTIONS ...DEFENDANT NOTICE TO DEFENDANT. 1. Advance Building Constructions, A Proprietary Concern, At No. 16/5, Sree Rama Tower, Sadapura Main Road, Bengaluru. PUBLIC NOTICE: WHEREAS, the above named Plaintiff has instituted the above Suit against you for recovery of Rs. 9,22,376/- (Rupees Nine Lakh Twenty Two Thousand Three Hundred and Seventy Six Only) along with interest and costs. Therefore, you are hereby summoned to appear before this Court on 13.02.2026 at 11.00 A.M.
By Order Of The Court, Senior Sheristedar Commercial Court Unit, City Civil Court Bengaluru
CHANGE OF NAME
I, DHAIRYA ATLURI, W/o. Mahendra Jammula, resident of B 609, SSVR Tridax, Balagere Road, Next to SBI, Varthur, Bengaluru-560087, do hereby declare that I have changed my name from DHAIRYA JAMMULA to DHAIRYA ATLURI, vide affidavit dated 05.01.2026, sworn to before K. Mathialagan, Advocate & Notary, Hosur.
CHANGE OF NAME
I, AZEEZ, S/o Biram Sab, Aged about 57 years, residing at No. 48, 6th Cross, 8th Main, N G R Layout, Near Sharavathi Apartment, Rupena Agrahara, Bommanahalli, Bengaluru, Karnataka-560 068. Hereby declare that, I have changed my name from AZEEZ to 'ABDUL AZEEZ' vide Affidavit dated 09.01.2026, Sworn before Advocate and Notary Anitha Bai, Bengaluru.
ಬೆಂಗಳೂರು ನಗರ ಜಿಲ್ಲಾ ಸಿವಿಲ್ ನ್ಯಾಯಾಲಯದಲ್ಲಿ ಸಾರ್ವಜನಿಕ ಪ್ರಕಟಣೆ. ಈ ಮೂಲಕ ಸಾರ್ವಜನಿಕರಿಗೆ ತಿಳಿಯಪಡಿಸುವುದೇನೆಂದರೆ, ಕೆಳಕಂಡ ಆಸ್ತಿಗೆ ಸಂಬಂಧಿಸಿದಂತೆ ಯಾರಿಗಾದರೂ ಆಕ್ಷೇಪಣೆಗಳಿದ್ದಲ್ಲಿ ಈ ಪ್ರಕಟಣೆ ಪ್ರಕಟವಾದ ದಿನಾಂಕದಿಂದ 15 ದಿನಗಳೊಳಗೆ ಲಿಖಿತ ರೂಪದಲ್ಲಿ ಸಲ್ಲಿಸತಕ್ಕದ್ದು. ತಪ್ಪಿದಲ್ಲಿ ಮುಂದಿನ ಕ್ರಮ ಕೈಗೊಳ್ಳಲಾಗುವುದು. ಸ್ವತ್ತಿನ ವಿವರ: ಸರ್ವೆ ನಂ. 45/2, ವಿಸ್ತೀರ್ಣ 2 ಎಕರೆ, ಗ್ರಾಮ, ಹೋಬಳಿ, ತಾಲ್ಲೂಕು. ಪೂರ್ವಕ್ಕೆ ರಸ್ತೆ, ಪಶ್ಚಿಮಕ್ಕೆ ಖಾಸಗಿ ಜಮೀನು, ಉತ್ತರಕ್ಕೆ ಸರ್ಕಾರಿ ಜಮೀನು, ದಕ್ಷಿಣಕ್ಕೆ ಕೆರೆ. ಆದೇಶದ ಮೇರೆಗೆ, ಕೋರ್ಟ್ ಕಚೇರಿ, ಬೆಂಗಳೂರು. ಸ್ಥಳ: ಬೆಂಗಳೂರು, ದಿನಾಂಕ: 09-01-2026
ಬೆಂಗಳೂರು ನಗರ ಜಿಲ್ಲಾ ಸಿವಿಲ್ ನ್ಯಾಯಾಲಯದಲ್ಲಿ ಸಾರ್ವಜನಿಕ ಪ್ರಕಟಣೆ. ಈ ಮೂಲಕ ಸಾರ್ವಜನಿಕರಿಗೆ ತಿಳಿಯಪಡಿಸುವುದೇನೆಂದರೆ, ಕೆಳಕಂಡ ಆಸ್ತಿಗೆ ಸಂಬಂಧಿಸಿದಂತೆ ಯಾರಿಗಾದರೂ ಆಕ್ಷೇಪಣೆಗಳಿದ್ದಲ್ಲಿ ಈ ಪ್ರಕಟಣೆ ಪ್ರಕಟವಾದ ದಿನಾಂಕದಿಂದ 15 ದಿನಗಳೊಳಗೆ ಲಿಖಿತ ರೂಪದಲ್ಲಿ ಸಲ್ಲಿಸತಕ್ಕದ್ದು. ತಪ್ಪಿದಲ್ಲಿ ಮುಂದಿನ ಕ್ರಮ ಕೈಗೊಳ್ಳಲಾಗುವುದು. ಸ್ವತ್ತಿನ ವಿವರ: ಸರ್ವೆ ನಂ. 45/2, ವಿಸ್ತೀರ್ಣ 2 ಎಕರೆ, ಗ್ರಾಮ, ಹೋಬಳಿ, ತಾಲ್ಲೂಕು. ಪೂರ್ವಕ್ಕೆ ರಸ್ತೆ, ಪಶ್ಚಿಮಕ್ಕೆ ಖಾಸಗಿ ಜಮೀನು, ಉತ್ತರಕ್ಕೆ ಸರ್ಕಾರಿ ಜಮೀನು, ದಕ್ಷಿಣಕ್ಕೆ ಕೆರೆ. ಆದೇಶದ ಮೇರೆಗೆ, ಕೋರ್ಟ್ ಕಚೇರಿ, ಬೆಂಗಳೂರು. ಸ್ಥಳ: ಬೆಂಗಳೂರು, ದಿನಾಂಕ: 09-01-2026
ಬೆಂಗಳೂರು ನಗರ ಜಿಲ್ಲಾ ಸಿವಿಲ್ ನ್ಯಾಯಾಲಯದಲ್ಲಿ ಸಾರ್ವಜನಿಕ ಪ್ರಕಟಣೆ. ಈ ಮೂಲಕ ಸಾರ್ವಜನಿಕರಿಗೆ ತಿಳಿಯಪಡಿಸುವುದೇನೆಂದರೆ, ಕೆಳಕಂಡ ಆಸ್ತಿಗೆ ಸಂಬಂಧಿಸಿದಂತೆ ಯಾರಿಗಾದರೂ ಆಕ್ಷೇಪಣೆಗಳಿದ್ದಲ್ಲಿ ಈ ಪ್ರಕಟಣೆ ಪ್ರಕಟವಾದ ದಿನಾಂಕದಿಂದ 15 ದಿನಗಳೊಳಗೆ ಲಿಖಿತ ರೂಪದಲ್ಲಿ ಸಲ್ಲಿಸತಕ್ಕದ್ದು. ತಪ್ಪಿದಲ್ಲಿ ಮುಂದಿನ ಕ್ರಮ ಕೈಗೊಳ್ಳಲಾಗುವುದು. ಸ್ವತ್ತಿನ ವಿವರ: ಸರ್ವೆ ನಂ. 45/2, ವಿಸ್ತೀರ್ಣ 2 ಎಕರೆ, ಗ್ರಾಮ, ಹೋಬಳಿ, ತಾಲ್ಲೂಕು. ಪೂರ್ವಕ್ಕೆ ರಸ್ತೆ, ಪಶ್ಚಿಮಕ್ಕೆ ಖಾಸಗಿ ಜಮೀನು, ಉತ್ತರಕ್ಕೆ ಸರ್ಕಾರಿ ಜಮೀನು, ದಕ್ಷಿಣಕ್ಕೆ ಕೆರೆ. ಆದೇಶದ ಮೇರೆಗೆ, ಕೋರ್ಟ್ ಕಚೇರಿ, ಬೆಂಗಳೂರು. ಸ್ಥಳ: ಬೆಂಗಳೂರು, ದಿನಾಂಕ: 09-01-2026
ಬೆಂಗಳೂರು ನಗರ ಜಿಲ್ಲಾ ಸಿವಿಲ್ ನ್ಯಾಯಾಲಯದಲ್ಲಿ ಸಾರ್ವಜನಿಕ ಪ್ರಕಟಣೆ. ಈ ಮೂಲಕ ಸಾರ್ವಜನಿಕರಿಗೆ ತಿಳಿಯಪಡಿಸುವುದೇನೆಂದರೆ, ಕೆಳಕಂಡ ಆಸ್ತಿಗೆ ಸಂಬಂಧಿಸಿದಂತೆ ಯಾರಿಗಾದರೂ ಆಕ್ಷೇಪಣೆಗಳಿದ್ದಲ್ಲಿ ಈ ಪ್ರಕಟಣೆ ಪ್ರಕಟವಾದ ದಿನಾಂಕದಿಂದ 15 ದಿನಗಳೊಳಗೆ ಲಿಖಿತ ರೂಪದಲ್ಲಿ ಸಲ್ಲಿಸತಕ್ಕದ್ದು. ತಪ್ಪಿದಲ್ಲಿ ಮುಂದಿನ ಕ್ರಮ ಕೈಗೊಳ್ಳಲಾಗುವುದು. ಸ್ವತ್ತಿನ ವಿವರ: ಸರ್ವೆ ನಂ. 45/2, ವಿಸ್ತೀರ್ಣ 2 ಎಕರೆ, ಗ್ರಾಮ, ಹೋಬಳಿ, ತಾಲ್ಲೂಕು. ಪೂರ್ವಕ್ಕೆ ರಸ್ತೆ, ಪಶ್ಚಿಮಕ್ಕೆ ಖಾಸಗಿ ಜಮೀನು, ಉತ್ತರಕ್ಕೆ ಸರ್ಕಾರಿ ಜಮೀನು, ದಕ್ಷಿಣಕ್ಕೆ ಕೆರೆ. ಆದೇಶದ ಮೇರೆಗೆ, ಕೋರ್ಟ್ ಕಚೇರಿ, ಬೆಂಗಳೂರು. ಸ್ಥಳ: ಬೆಂಗಳೂರು, ದಿನಾಂಕ: 09-01-2026
ಪಟ್ಟಣ ಪಂಚಾಯಿತಿ ಕಾರ್ಯಾಲಯ, ಹಾರೋಹಳ್ಳಿ.
ಸಂ.ಪಪಂಹಾ/ಮಪ/ಟೆಂಡರ್-3/2025-26	ದಿನಾಂಕ: 12.01.2026
ಮರು ಟೆಂಡರ್ ಪ್ರಕಟಣೆ
ಹಾರೋಹಳ್ಳಿ ಪಟ್ಟಣ ಪಂಚಾಯಿತಿ ವ್ಯಾಪ್ತಿಯಲ್ಲಿ 20th live stock census report-2019, Karnataka state govt empedano Animal birth control (Dogs) rules, 2001 and the prevention of cruelty to animals act, 1960 ಅನುಸಾರ (DMA/2025&26/SES546/Call-3) ಮರು ಟೆಂಡರ್ ಆಹ್ವಾನಿಸಲಾಗಿದೆ. ಟೆಂಡರ್ ಸಲ್ಲಿಸಲು ಕೊನೆಯ ದಿನಾಂಕ: 24.01.2026 ಸಂಜೆ 5.30 ಗಂಟೆ. ತಾಂತ್ರಿಕ ಬಿಡ್ ತೆರೆಯುವ ದಿನಾಂಕ: 27.01.2026 ಬೆಳಿಗ್ಗೆ 11.00 ಗಂಟೆ.
ಮುಖ್ಯಾಧಿಕಾರಿಗಳು, ಪಟ್ಟಣ ಪಂಚಾಯಿತಿ ಹಾರೋಹಳ್ಳಿ.
ಜಾಗೃತ ಯುವ ಭಾರತದಿಂದ ಸ್ವಾಮಿ ವಿವೇಕಾನಂದರ ಜಯಂತಿ
ಯುವಕರಿಗೆ ವಿವೇಕಾನಂದರೇ ಮಾದರಿ
ಆನೇಕಲ್: ಸ್ವಾಮಿ ವಿವೇಕಾನಂದರ ಚಿಂತನೆಗಳು ಯುವಸಮುದಾಯಕ್ಕೆ ಮಾರ್ಗದರ್ಶಕವಾಗಿವೆ. ಭಾರತದ ಸಂಸ್ಕೃತಿಯನ್ನು ವಿಶ್ವಕ್ಕೆ ಪರಿಚಯಿಸಿದ ಮಹಾನ್ ಸಂತ ಎಂದು ಜಾಗೃತ ಯುವ ಭಾರತದ ಸಂಚಾಲಕರು ಹೇಳಿದರು. ಯುವಕರು ದುಶ್ಚಟಗಳಿಂದ ದೂರವಿದ್ದು, ಸಮಾಜ ಸೇವೆಯಲ್ಲಿ ತೊಡಗಿಸಿಕೊಳ್ಳಬೇಕು. ಆತ್ಮವಿಶ್ವಾಸ, ಶಿಸ್ತು ಮತ್ತು ರಾಷ್ಟ್ರಪ್ರೇಮವನ್ನು ಬೆಳೆಸಿಕೊಳ್ಳಬೇಕು ಎಂದು ಕರೆ ನೀಡಿದರು. ಕಾರ್ಯಕ್ರಮದಲ್ಲಿ ಸ್ಥಳೀಯ ಮುಖಂಡರು, ಶಿಕ್ಷಕರು, ವಿದ್ಯಾರ್ಥಿಗಳು ಹಾಗೂ ಕಾರ್ಯಕರ್ತರು ಭಾಗವಹಿಸಿದ್ದರು. ಸ್ವಾಮಿ ವಿವೇಕಾನಂದರ ಚಿಂತನೆಗಳು ಯುವಸಮುದಾಯಕ್ಕೆ ಮಾರ್ಗದರ್ಶಕವಾಗಿವೆ. ಭಾರತದ ಸಂಸ್ಕೃತಿಯನ್ನು ವಿಶ್ವಕ್ಕೆ ಪರಿಚಯಿಸಿದ ಮಹಾನ್ ಸಂತ ಎಂದು ಜಾಗೃತ ಯುವ ಭಾರತದ ಸಂಚಾಲಕರು ಹೇಳಿದರು. ಯುವಕರು ದುಶ್ಚಟಗಳಿಂದ ದೂರವಿದ್ದು, ಸಮಾಜ ಸೇವೆಯಲ್ಲಿ ತೊಡಗಿಸಿಕೊಳ್ಳಬೇಕು. ಆತ್ಮವಿಶ್ವಾಸ, ಶಿಸ್ತು ಮತ್ತು ರಾಷ್ಟ್ರಪ್ರೇಮವನ್ನು ಬೆಳೆಸಿಕೊಳ್ಳಬೇಕು ಎಂದು ಕರೆ ನೀಡಿದರು. ಕಾರ್ಯಕ್ರಮದಲ್ಲಿ ಸ್ಥಳೀಯ ಮುಖಂಡರು, ಶಿಕ್ಷಕರು, ವಿದ್ಯಾರ್ಥಿಗಳು ಹಾಗೂ ಕಾರ್ಯಕರ್ತರು ಭಾಗವಹಿಸಿದ್ದರು.
ಸ್ವಾಮಿ ವಿವೇಕಾನಂದರ ಚಿಂತನೆಗಳು ಯುವಸಮುದಾಯಕ್ಕೆ ಮಾರ್ಗದರ್ಶಕವಾಗಿವೆ. ಭಾರತದ ಸಂಸ್ಕೃತಿಯನ್ನು ವಿಶ್ವಕ್ಕೆ ಪರಿಚಯಿಸಿದ ಮಹಾನ್ ಸಂತ ಎಂದು ಜಾಗೃತ ಯುವ ಭಾರತದ ಸಂಚಾಲಕರು ಹೇಳಿದರು. ಯುವಕರು ದುಶ್ಚಟಗಳಿಂದ ದೂರವಿದ್ದು, ಸಮಾಜ ಸೇವೆಯಲ್ಲಿ ತೊಡಗಿಸಿಕೊಳ್ಳಬೇಕು. ಆತ್ಮವಿಶ್ವಾಸ, ಶಿಸ್ತು ಮತ್ತು ರಾಷ್ಟ್ರಪ್ರೇಮವನ್ನು ಬೆಳೆಸಿಕೊಳ್ಳಬೇಕು ಎಂದು ಕರೆ ನೀಡಿದರು. ಕಾರ್ಯಕ್ರಮದಲ್ಲಿ ಸ್ಥಳೀಯ ಮುಖಂಡರು, ಶಿಕ್ಷಕರು, ವಿದ್ಯಾರ್ಥಿಗಳು ಹಾಗೂ ಕಾರ್ಯಕರ್ತರು ಭಾಗವಹಿಸಿದ್ದರು.
ಜಿಲ್ಲಾ ತಂಬಾಕು ನಿಯಂತ್ರಣ ಕೋಶದ ಪ್ರಗತಿ ಪರಿಶೀಲನಾ ಸಭೆ
ಶಾಲಾ- ಕಾಲೇಜು ಬಳಿ ತಂಬಾಕು ನಿಷೇಧ
ದೇವನಹಳ್ಳಿ: ಜಿಲ್ಲೆಯ ಎಲ್ಲಾ ಶೈಕ್ಷಣಿಕ ಸಂಸ್ಥೆಗಳ ಸುತ್ತ ನೂರು ಗಜ ಅಂತರದಲ್ಲಿ ತಂಬಾಕು ಉತ್ಪನ್ನಗಳ ಮಾರಾಟ ನಿಷೇಧವನ್ನು ಕಟ್ಟುನಿಟ್ಟಾಗಿ ಜಾರಿಗೊಳಿಸಬೇಕು ಎಂದು ಅಧಿಕಾರಿಗಳಿಗೆ ಸೂಚಿಸಲಾಯಿತು. ಕೋಟ್ಪಾ ಕಾಯ್ದೆ ಅಡಿ ದಾಳಿ ನಡೆಸಿ ದಂಡ ವಿಧಿಸಲಾಗಿದ್ದು, 2025ರ ಸಾಲಿನಲ್ಲಿ 9,967 ಪ್ರಕರಣ ದಾಖಲಿಸಲಾಗಿದೆ. ಸಾರ್ವಜನಿಕ ಸ್ಥಳಗಳಲ್ಲಿ ಧೂಮಪಾನ ಮಾಡುವವರ ವಿರುದ್ಧ ಕ್ರಮ ಕೈಗೊಳ್ಳಬೇಕು. ಶಾಲಾ ಕಾಲೇಜುಗಳಲ್ಲಿ ಜಾಗೃತಿ ಕಾರ್ಯಕ್ರಮ ನಡೆಸಬೇಕು ಎಂದು ಜಿಲ್ಲಾಧಿಕಾರಿ ಸೂಚಿಸಿದರು. ಜಿಲ್ಲೆಯ ಎಲ್ಲಾ ಶೈಕ್ಷಣಿಕ ಸಂಸ್ಥೆಗಳ ಸುತ್ತ ನೂರು ಗಜ ಅಂತರದಲ್ಲಿ ತಂಬಾಕು ಉತ್ಪನ್ನಗಳ ಮಾರಾಟ ನಿಷೇಧವನ್ನು ಕಟ್ಟುನಿಟ್ಟಾಗಿ ಜಾರಿಗೊಳಿಸಬೇಕು ಎಂದು ಅಧಿಕಾರಿಗಳಿಗೆ ಸೂಚಿಸಲಾಯಿತು. ಕೋಟ್ಪಾ ಕಾಯ್ದೆ ಅಡಿ ದಾಳಿ ನಡೆಸಿ ದಂಡ ವಿಧಿಸಲಾಗಿದ್ದು, 2025ರ ಸಾಲಿನಲ್ಲಿ 9,967 ಪ್ರಕರಣ ದಾಖಲಿಸಲಾಗಿದೆ. ಸಾರ್ವಜನಿಕ ಸ್ಥಳಗಳಲ್ಲಿ ಧೂಮಪಾನ ಮಾಡುವವರ ವಿರುದ್ಧ ಕ್ರಮ ಕೈಗೊಳ್ಳಬೇಕು. ಶಾಲಾ ಕಾಲೇಜುಗಳಲ್ಲಿ ಜಾಗೃತಿ ಕಾರ್ಯಕ್ರಮ ನಡೆಸಬೇಕು ಎಂದು ಜಿಲ್ಲಾಧಿಕಾರಿ ಸೂಚಿಸಿದರು.
ಜಿಲ್ಲೆಯ ಎಲ್ಲಾ ಶೈಕ್ಷಣಿಕ ಸಂಸ್ಥೆಗಳ ಸುತ್ತ ನೂರು ಗಜ ಅಂತರದಲ್ಲಿ ತಂಬಾಕು ಉತ್ಪನ್ನಗಳ ಮಾರಾಟ ನಿಷೇಧವನ್ನು ಕಟ್ಟುನಿಟ್ಟಾಗಿ ಜಾರಿಗೊಳಿಸಬೇಕು ಎಂದು ಅಧಿಕಾರಿಗಳಿಗೆ ಸೂಚಿಸಲಾಯಿತು. ಕೋಟ್ಪಾ ಕಾಯ್ದೆ ಅಡಿ ದಾಳಿ ನಡೆಸಿ ದಂಡ ವಿಧಿಸಲಾಗಿದ್ದು, 2025ರ ಸಾಲಿನಲ್ಲಿ 9,967 ಪ್ರಕರಣ ದಾಖಲಿಸಲಾಗಿದೆ. ಸಾರ್ವಜನಿಕ ಸ್ಥಳಗಳಲ್ಲಿ ಧೂಮಪಾನ ಮಾಡುವವರ ವಿರುದ್ಧ ಕ್ರಮ ಕೈಗೊಳ್ಳಬೇಕು. ಶಾಲಾ ಕಾಲೇಜುಗಳಲ್ಲಿ ಜಾಗೃತಿ ಕಾರ್ಯಕ್ರಮ ನಡೆಸಬೇಕು ಎಂದು ಜಿಲ್ಲಾಧಿಕಾರಿ ಸೂಚಿಸಿದರು.
